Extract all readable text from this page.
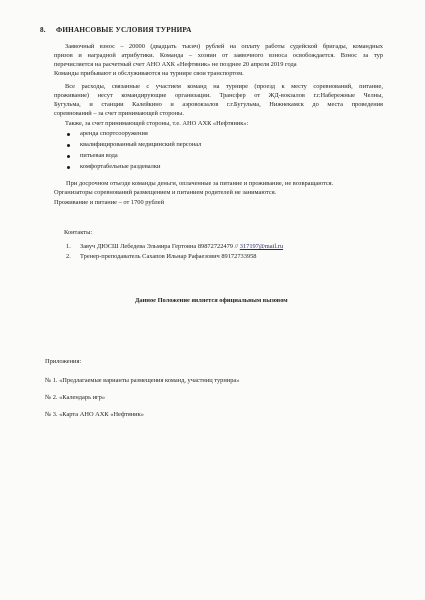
8. ФИНАНСОВЫЕ УСЛОВИЯ ТУРНИРА
Заявочный взнос – 20000 (двадцать тысяч) рублей на оплату работы судейской бригады, командных
призов и наградной атрибутики. Команда – хозяин от заявочного взноса освобождается. Взнос за тур
перечисляется на расчетный счет АНО АХК «Нефтяник» не позднее 20 апреля 2019 года
Команды прибывают и обслуживаются на турнире свои транспортом.
Все расходы, связанные с участием команд на турнире (проезд к месту соревнований, питание,
проживание) несут командирующие организации. Трансфер от ЖД-вокзалов г.г.Набережные Челны,
Бугульма, и станции Калейкино и аэровокзалов г.г.Бугульма, Нижнекамск до места проведения
соревнований – за счет принимающей стороны.
Также, за счет принимающей стороны, т.е. АНО АХК «Нефтяник»:
аренда спортсооружения
квалифицированный медицинский персонал
питьевая вода
комфортабельные раздевалки
При досрочном отъезде команды деньги, оплаченные за питание и проживание, не возвращаются.
Организаторы соревнований размещением и питанием родителей не занимаются.
Проживание и питание – от 1700 рублей
Контакты:
1. Завуч ДЮСШ Лебедева Эльмира Гертовна 89872722479 // 317197@mail.ru
2. Тренер-преподаватель Сахапов Ильнар Рафаезович 89172733958
Данное Положение является официальным вызовом
Приложения:
№ 1. «Предлагаемые варианты размещения команд, участниц турнира»
№ 2. «Календарь игр»
№ 3. «Карта АНО АХК «Нефтяник»
